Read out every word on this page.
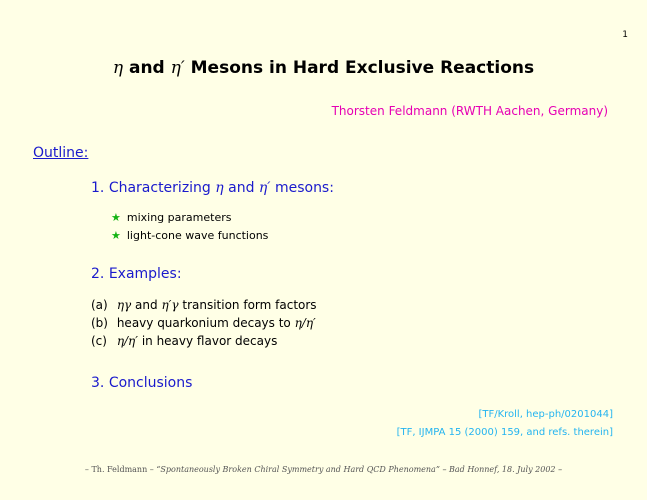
1
η and η′ Mesons in Hard Exclusive Reactions
Thorsten Feldmann (RWTH Aachen, Germany)
Outline:
1. Characterizing η and η′ mesons:
★ mixing parameters
★ light-cone wave functions
2. Examples:
(a) ηγ and η′γ transition form factors
(b) heavy quarkonium decays to η/η′
(c) η/η′ in heavy flavor decays
3. Conclusions
[TF/Kroll, hep-ph/0201044]
[TF, IJMPA 15 (2000) 159, and refs. therein]
– Th. Feldmann – “Spontaneously Broken Chiral Symmetry and Hard QCD Phenomena” – Bad Honnef, 18. July 2002 –
